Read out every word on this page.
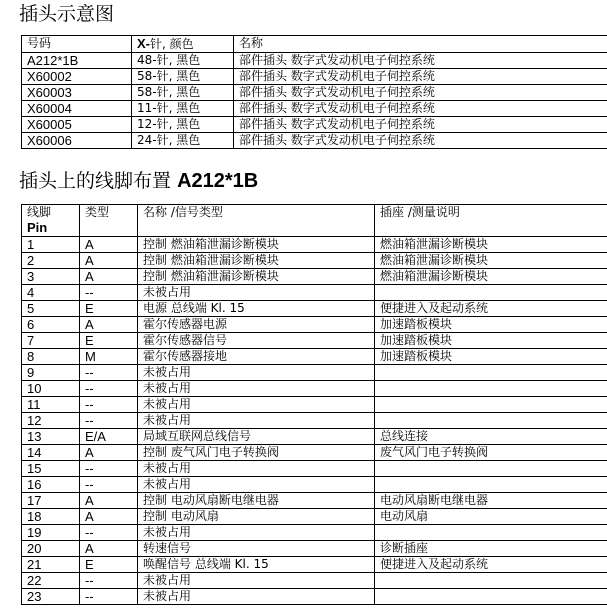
插头示意图
号码	X-针, 颜色	名称
A212*1B	48-针, 黑色	部件插头 数字式发动机电子伺控系统
X60002	58-针, 黑色	部件插头 数字式发动机电子伺控系统
X60003	58-针, 黑色	部件插头 数字式发动机电子伺控系统
X60004	11-针, 黑色	部件插头 数字式发动机电子伺控系统
X60005	12-针, 黑色	部件插头 数字式发动机电子伺控系统
X60006	24-针, 黑色	部件插头 数字式发动机电子伺控系统
插头上的线脚布置 A212*1B
线脚
Pin	类型	名称 /信号类型	插座 /测量说明
1	A	控制 燃油箱泄漏诊断模块	燃油箱泄漏诊断模块
2	A	控制 燃油箱泄漏诊断模块	燃油箱泄漏诊断模块
3	A	控制 燃油箱泄漏诊断模块	燃油箱泄漏诊断模块
4	--	未被占用	
5	E	电源 总线端 Kl. 15	便捷进入及起动系统
6	A	霍尔传感器电源	加速踏板模块
7	E	霍尔传感器信号	加速踏板模块
8	M	霍尔传感器接地	加速踏板模块
9	--	未被占用	
10	--	未被占用	
11	--	未被占用	
12	--	未被占用	
13	E/A	局域互联网总线信号	总线连接
14	A	控制 废气风门电子转换阀	废气风门电子转换阀
15	--	未被占用	
16	--	未被占用	
17	A	控制 电动风扇断电继电器	电动风扇断电继电器
18	A	控制 电动风扇	电动风扇
19	--	未被占用	
20	A	转速信号	诊断插座
21	E	唤醒信号 总线端 Kl. 15	便捷进入及起动系统
22	--	未被占用	
23	--	未被占用	
